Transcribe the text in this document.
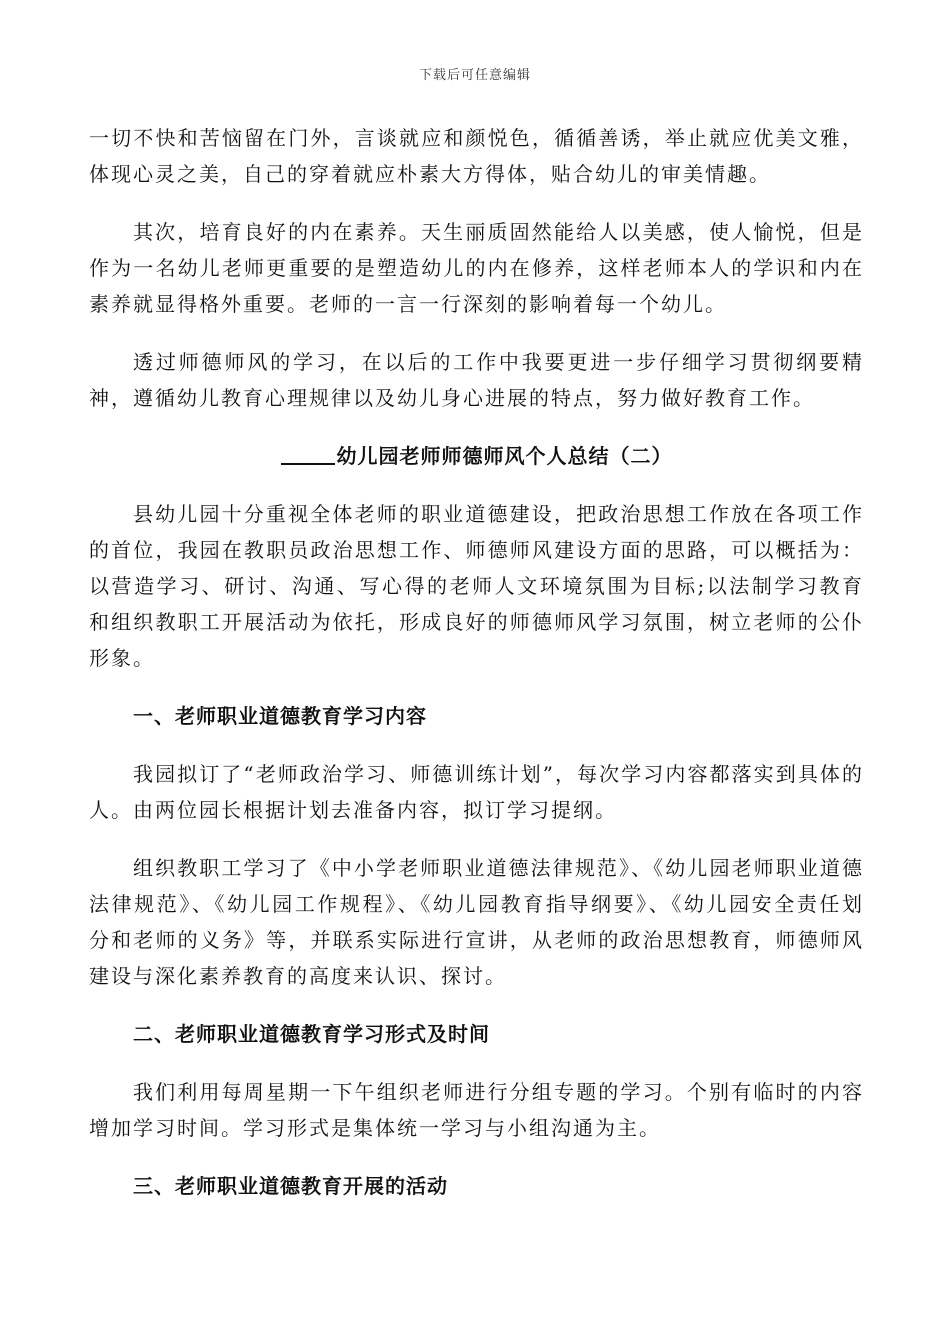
下载后可任意编辑

一切不快和苦恼留在门外，言谈就应和颜悦色，循循善诱，举止就应优美文雅，体现心灵之美，自己的穿着就应朴素大方得体，贴合幼儿的审美情趣。

其次，培育良好的内在素养。天生丽质固然能给人以美感，使人愉悦，但是作为一名幼儿老师更重要的是塑造幼儿的内在修养，这样老师本人的学识和内在素养就显得格外重要。老师的一言一行深刻的影响着每一个幼儿。

透过师德师风的学习，在以后的工作中我要更进一步仔细学习贯彻纲要精神，遵循幼儿教育心理规律以及幼儿身心进展的特点，努力做好教育工作。

幼儿园老师师德师风个人总结（二）

县幼儿园十分重视全体老师的职业道德建设，把政治思想工作放在各项工作的首位，我园在教职员政治思想工作、师德师风建设方面的思路，可以概括为：以营造学习、研讨、沟通、写心得的老师人文环境氛围为目标;以法制学习教育和组织教职工开展活动为依托，形成良好的师德师风学习氛围，树立老师的公仆形象。

一、老师职业道德教育学习内容

我园拟订了“老师政治学习、师德训练计划”，每次学习内容都落实到具体的人。由两位园长根据计划去准备内容，拟订学习提纲。

组织教职工学习了《中小学老师职业道德法律规范》、《幼儿园老师职业道德法律规范》、《幼儿园工作规程》、《幼儿园教育指导纲要》、《幼儿园安全责任划分和老师的义务》等，并联系实际进行宣讲，从老师的政治思想教育，师德师风建设与深化素养教育的高度来认识、探讨。

二、老师职业道德教育学习形式及时间

我们利用每周星期一下午组织老师进行分组专题的学习。个别有临时的内容增加学习时间。学习形式是集体统一学习与小组沟通为主。

三、老师职业道德教育开展的活动
